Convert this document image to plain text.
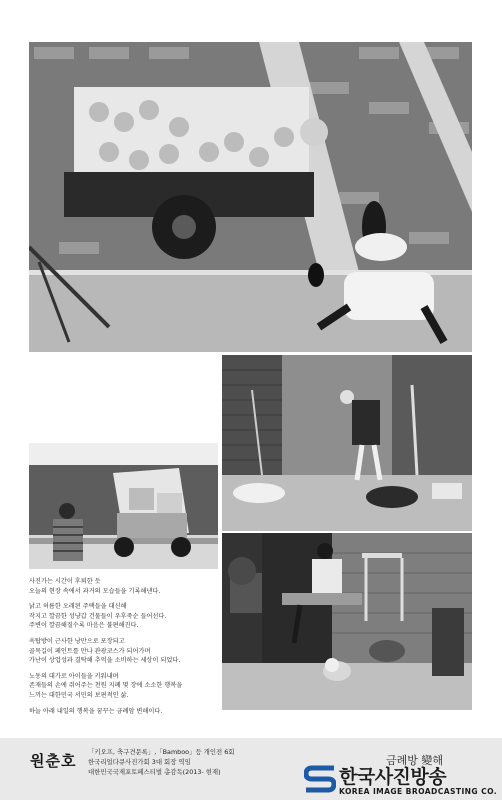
사진가는 시간이 후퇴한 듯
오늘의 현장 속에서 과거의 모습들을 기록해낸다.

낡고 허름한 오래된 주택들을 대신해
작지고 깔끔한 성냥갑 건물들이 우후죽순 들어선다.
주변이 깔끔해질수록 마음은 불편해진다.

옥탑방이 근사한 낭만으로 포장되고
골목길이 페인트를 만나 관광코스가 되어가며
가난이 상업성과 결탁해 추억을 소비하는 세상이 되었다.

노동의 대가로 아이들을 키워내며
존재들의 손에 쥐어주는 천원 지폐 몇 장에 소소한 행복을
느끼는 대한민국 서민의 보편적인 삶.

하늘 아래 내일의 행복을 꿈꾸는 금례암 변해이다.

원춘호 「키오프, 축구견문록」,「Bamboo」등 개인전 6회
한국리얼다큐사진가회 3대 회장 역임
대한민국국제포토페스티벌 총감독(2013- 현재)
금례방 變해
한국사진방송
KOREA IMAGE BROADCASTING CO.
